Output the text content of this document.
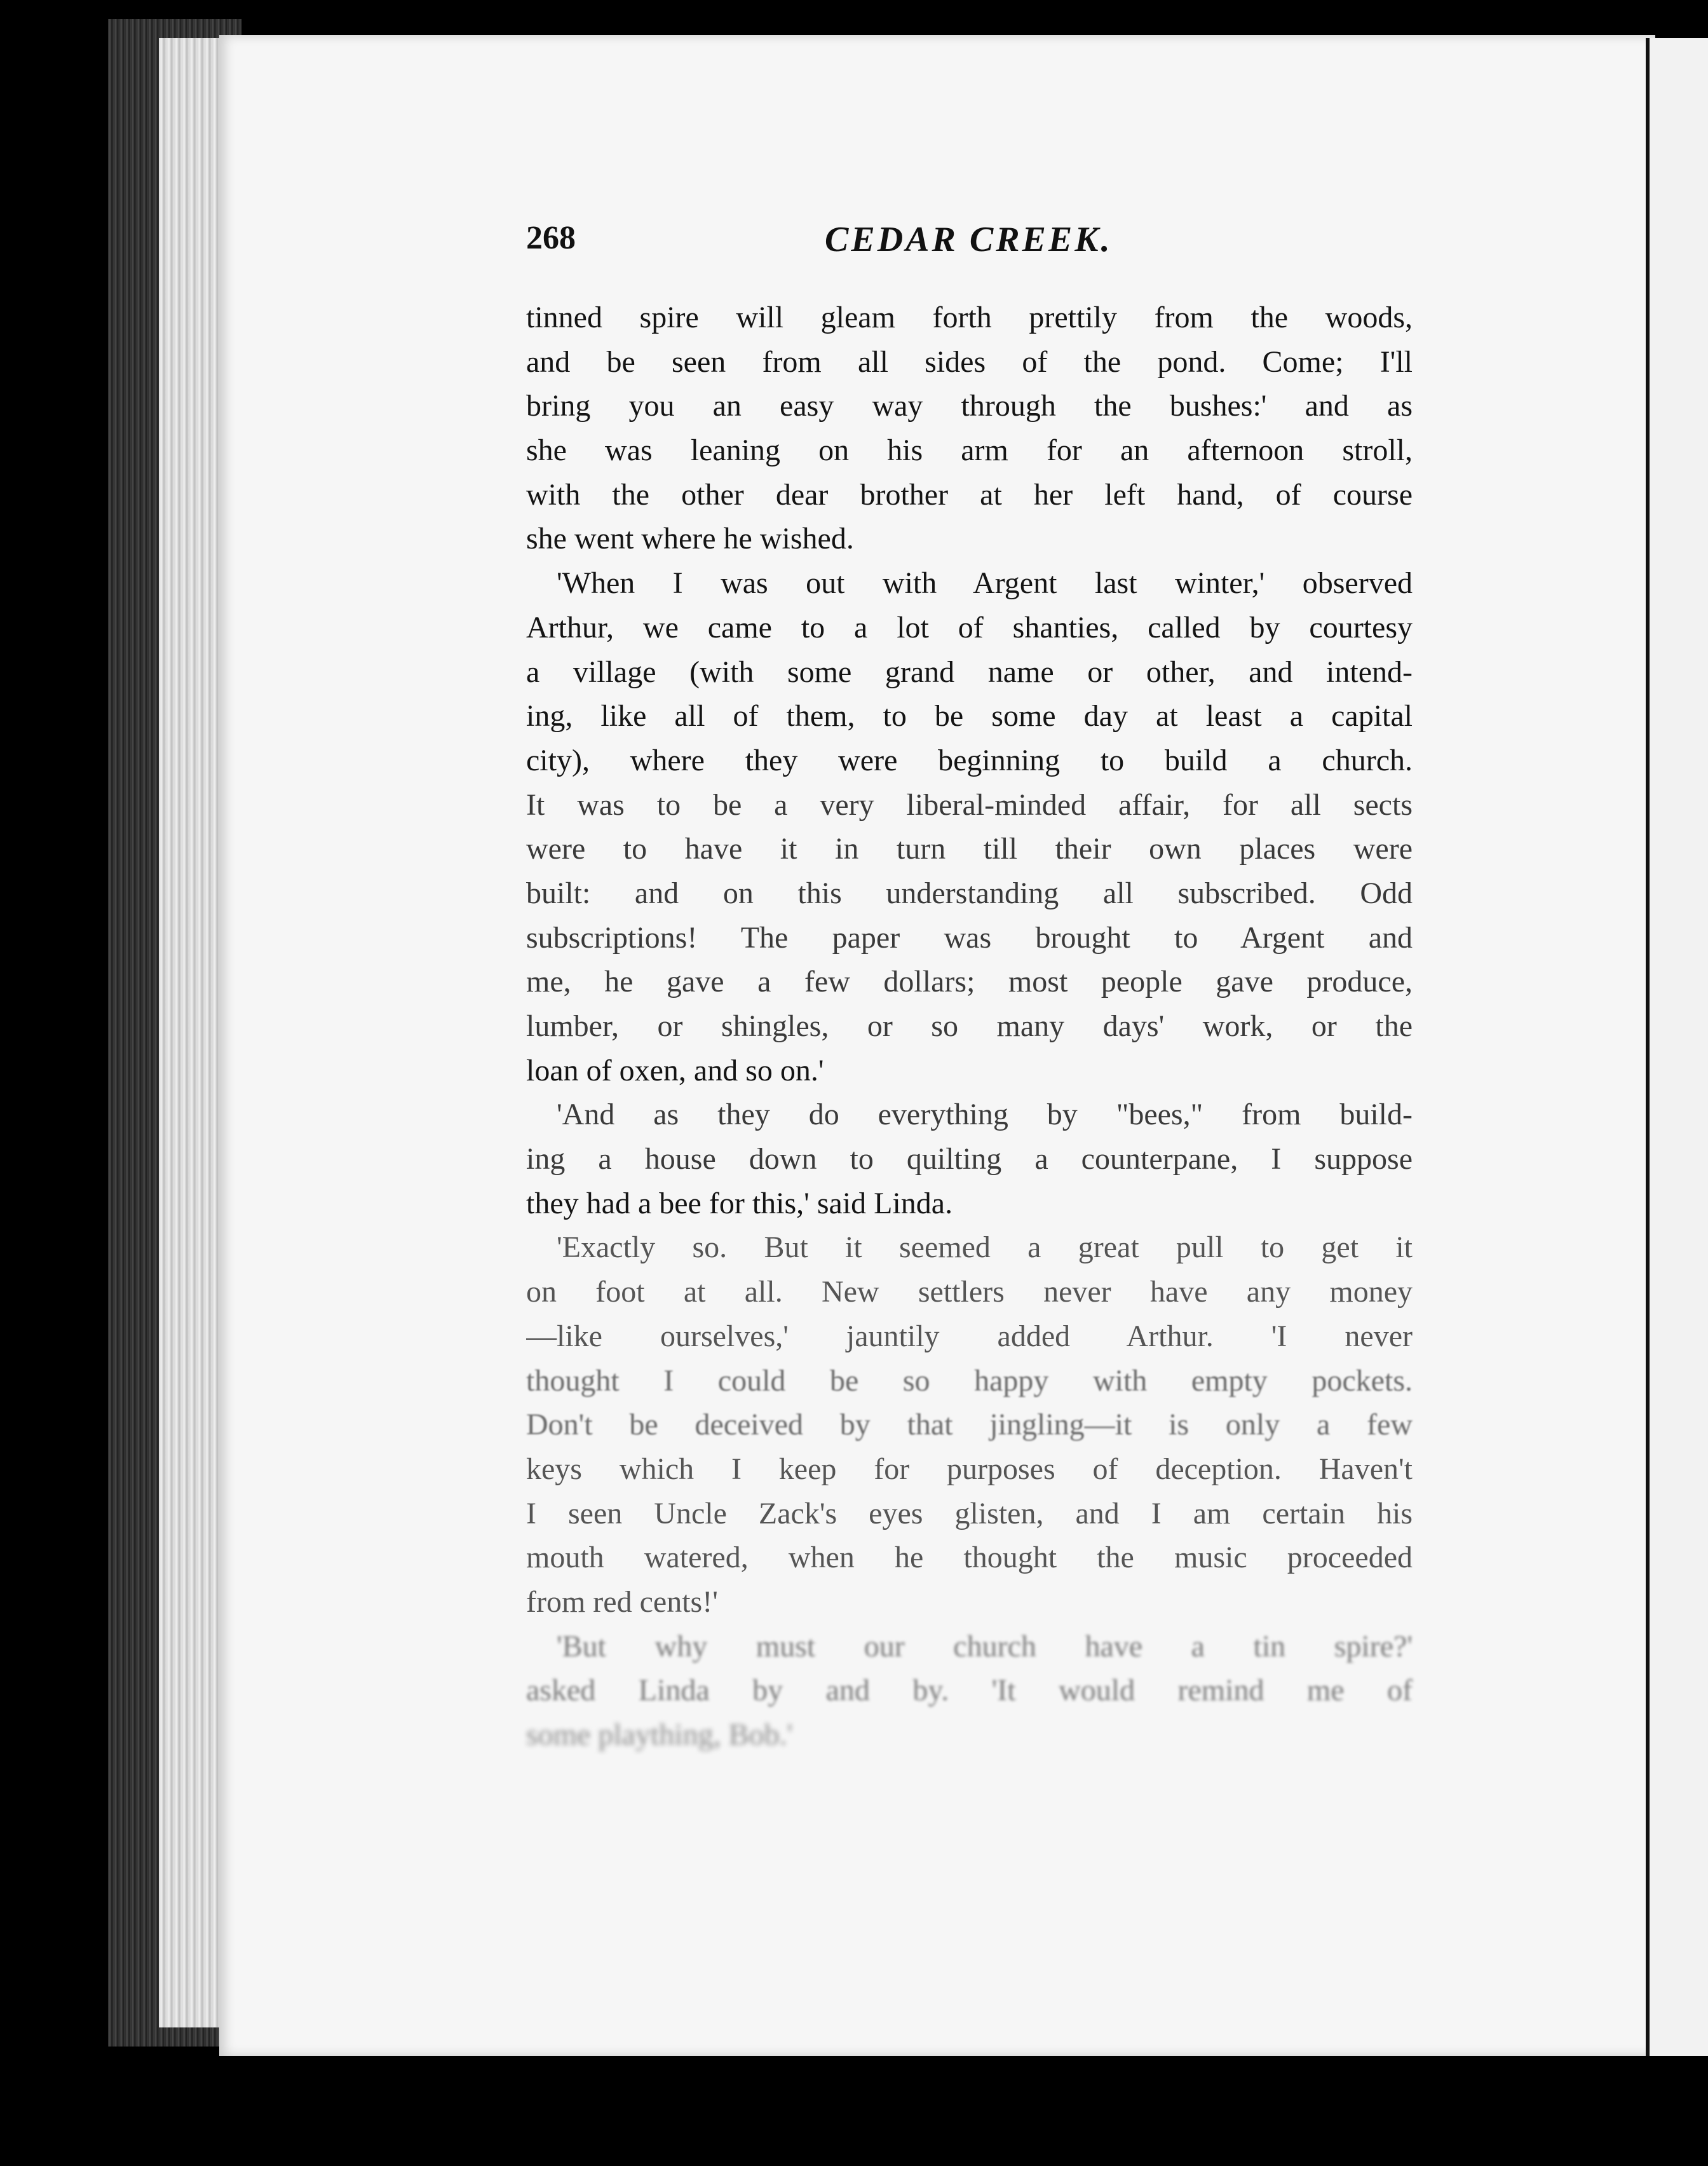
268	CEDAR CREEK.
tinned spire will gleam forth prettily from the woods,
and be seen from all sides of the pond. Come; I'll
bring you an easy way through the bushes:' and as
she was leaning on his arm for an afternoon stroll,
with the other dear brother at her left hand, of course
she went where he wished.
'When I was out with Argent last winter,' observed
Arthur, we came to a lot of shanties, called by courtesy
a village (with some grand name or other, and intend-
ing, like all of them, to be some day at least a capital
city), where they were beginning to build a church.
It was to be a very liberal-minded affair, for all sects
were to have it in turn till their own places were
built: and on this understanding all subscribed. Odd
subscriptions! The paper was brought to Argent and
me, he gave a few dollars; most people gave produce,
lumber, or shingles, or so many days' work, or the
loan of oxen, and so on.'
'And as they do everything by "bees," from build-
ing a house down to quilting a counterpane, I suppose
they had a bee for this,' said Linda.
'Exactly so. But it seemed a great pull to get it
on foot at all. New settlers never have any money
—like ourselves,' jauntily added Arthur. 'I never
thought I could be so happy with empty pockets.
Don't be deceived by that jingling—it is only a few
keys which I keep for purposes of deception. Haven't
I seen Uncle Zack's eyes glisten, and I am certain his
mouth watered, when he thought the music proceeded
from red cents!'
'But why must our church have a tin spire?'
asked Linda by and by. 'It would remind me of
some plaything, Bob.'
